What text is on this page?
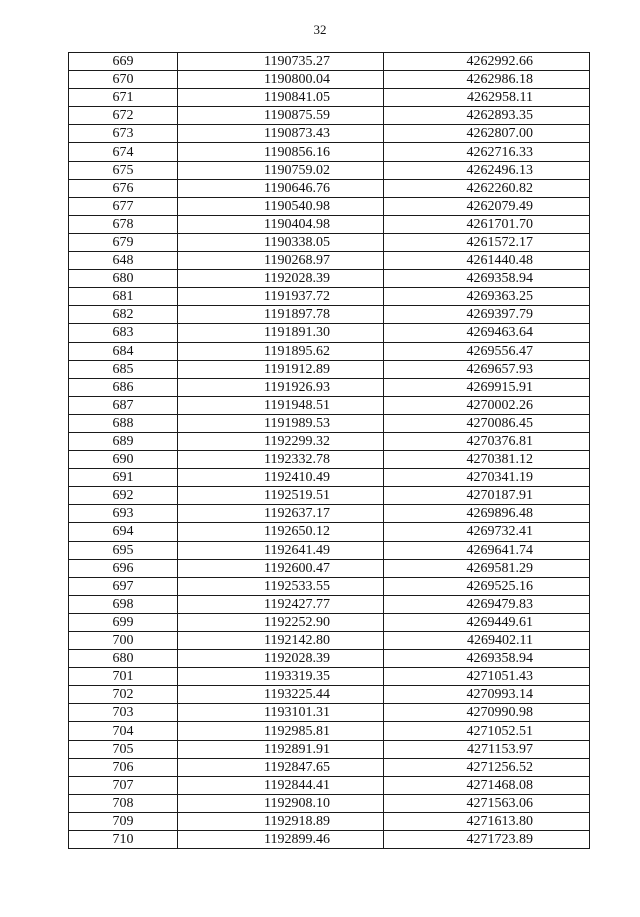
32
669	1190735.27	4262992.66
670	1190800.04	4262986.18
671	1190841.05	4262958.11
672	1190875.59	4262893.35
673	1190873.43	4262807.00
674	1190856.16	4262716.33
675	1190759.02	4262496.13
676	1190646.76	4262260.82
677	1190540.98	4262079.49
678	1190404.98	4261701.70
679	1190338.05	4261572.17
648	1190268.97	4261440.48
680	1192028.39	4269358.94
681	1191937.72	4269363.25
682	1191897.78	4269397.79
683	1191891.30	4269463.64
684	1191895.62	4269556.47
685	1191912.89	4269657.93
686	1191926.93	4269915.91
687	1191948.51	4270002.26
688	1191989.53	4270086.45
689	1192299.32	4270376.81
690	1192332.78	4270381.12
691	1192410.49	4270341.19
692	1192519.51	4270187.91
693	1192637.17	4269896.48
694	1192650.12	4269732.41
695	1192641.49	4269641.74
696	1192600.47	4269581.29
697	1192533.55	4269525.16
698	1192427.77	4269479.83
699	1192252.90	4269449.61
700	1192142.80	4269402.11
680	1192028.39	4269358.94
701	1193319.35	4271051.43
702	1193225.44	4270993.14
703	1193101.31	4270990.98
704	1192985.81	4271052.51
705	1192891.91	4271153.97
706	1192847.65	4271256.52
707	1192844.41	4271468.08
708	1192908.10	4271563.06
709	1192918.89	4271613.80
710	1192899.46	4271723.89
